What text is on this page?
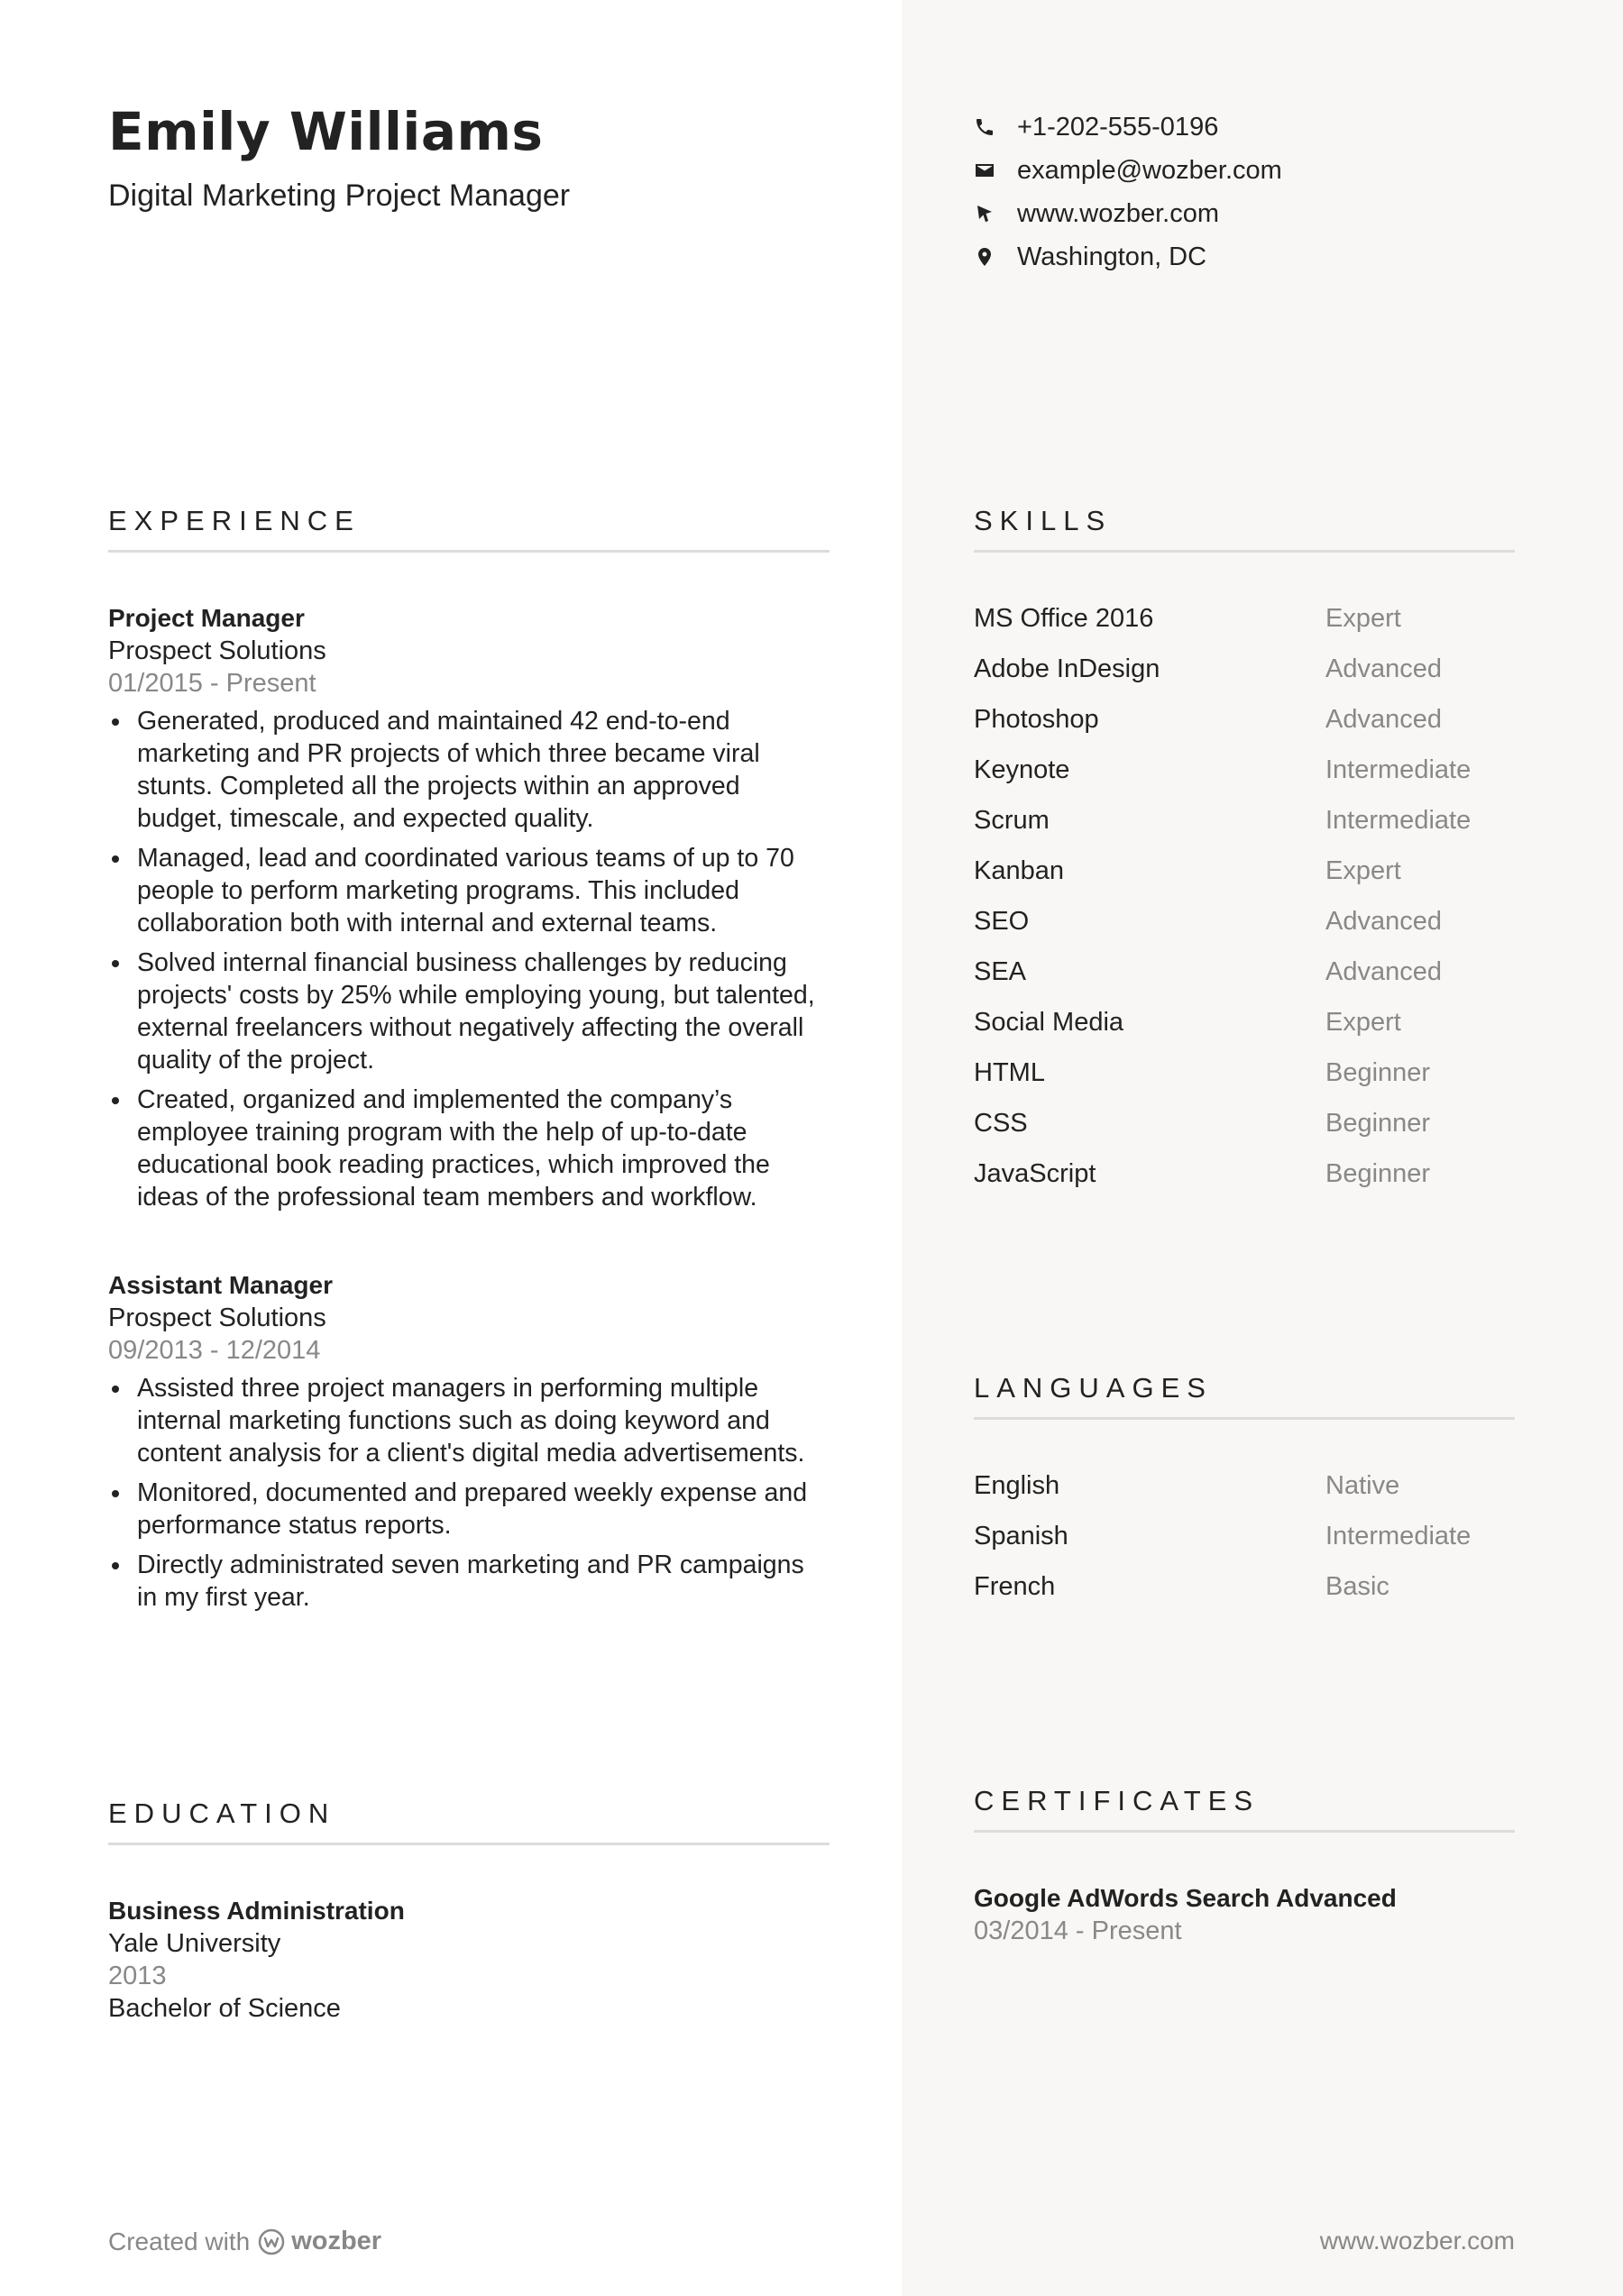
Emily Williams
Digital Marketing Project Manager
+1-202-555-0196
example@wozber.com
www.wozber.com
Washington, DC
EXPERIENCE
Project Manager
Prospect Solutions
01/2015 - Present
Generated, produced and maintained 42 end-to-end marketing and PR projects of which three became viral stunts. Completed all the projects within an approved budget, timescale, and expected quality.
Managed, lead and coordinated various teams of up to 70 people to perform marketing programs. This included collaboration both with internal and external teams.
Solved internal financial business challenges by reducing projects' costs by 25% while employing young, but talented, external freelancers without negatively affecting the overall quality of the project.
Created, organized and implemented the company’s employee training program with the help of up-to-date educational book reading practices, which improved the ideas of the professional team members and workflow.
Assistant Manager
Prospect Solutions
09/2013 - 12/2014
Assisted three project managers in performing multiple internal marketing functions such as doing keyword and content analysis for a client's digital media advertisements.
Monitored, documented and prepared weekly expense and performance status reports.
Directly administrated seven marketing and PR campaigns in my first year.
EDUCATION
Business Administration
Yale University
2013
Bachelor of Science
SKILLS
MS Office 2016	Expert
Adobe InDesign	Advanced
Photoshop	Advanced
Keynote	Intermediate
Scrum	Intermediate
Kanban	Expert
SEO	Advanced
SEA	Advanced
Social Media	Expert
HTML	Beginner
CSS	Beginner
JavaScript	Beginner
LANGUAGES
English	Native
Spanish	Intermediate
French	Basic
CERTIFICATES
Google AdWords Search Advanced
03/2014 - Present
Created with wozber	www.wozber.com
